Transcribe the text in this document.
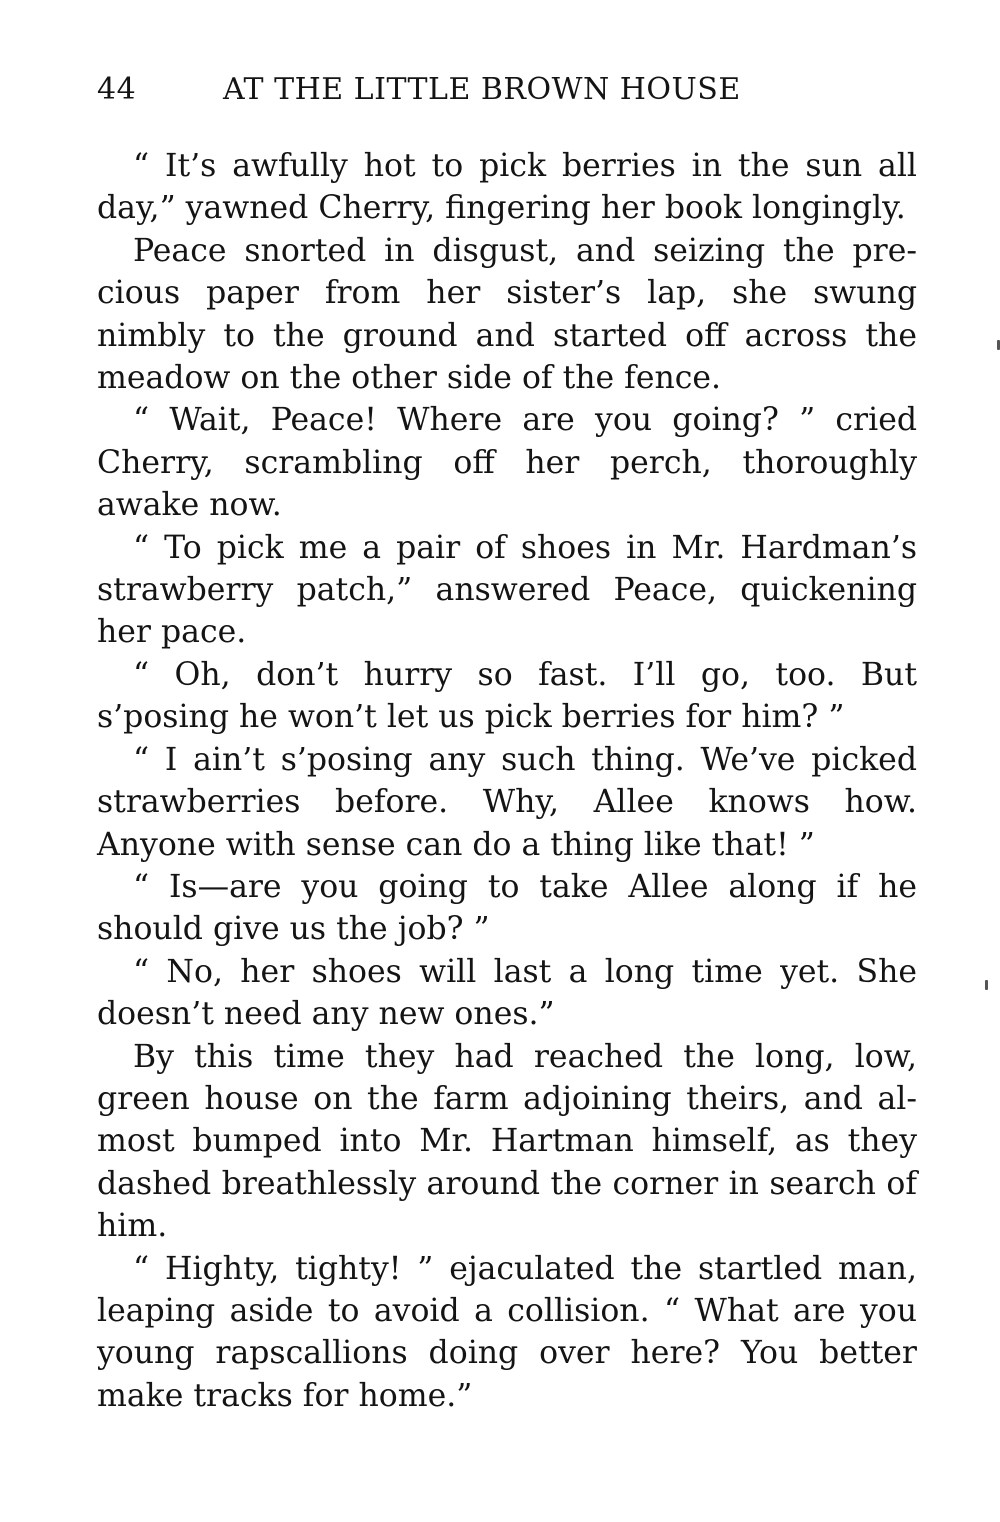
44	AT THE LITTLE BROWN HOUSE

“ It’s awfully hot to pick berries in the sun all day,” yawned Cherry, fingering her book longingly.

Peace snorted in disgust, and seizing the precious paper from her sister’s lap, she swung nimbly to the ground and started off across the meadow on the other side of the fence.

“ Wait, Peace! Where are you going? ” cried Cherry, scrambling off her perch, thoroughly awake now.

“ To pick me a pair of shoes in Mr. Hardman’s strawberry patch,” answered Peace, quickening her pace.

“ Oh, don’t hurry so fast. I’ll go, too. But s’posing he won’t let us pick berries for him? ”

“ I ain’t s’posing any such thing. We’ve picked strawberries before. Why, Allee knows how. Anyone with sense can do a thing like that! ”

“ Is—are you going to take Allee along if he should give us the job? ”

“ No, her shoes will last a long time yet. She doesn’t need any new ones.”

By this time they had reached the long, low, green house on the farm adjoining theirs, and almost bumped into Mr. Hartman himself, as they dashed breathlessly around the corner in search of him.

“ Highty, tighty! ” ejaculated the startled man, leaping aside to avoid a collision. “ What are you young rapscallions doing over here? You better make tracks for home.”
